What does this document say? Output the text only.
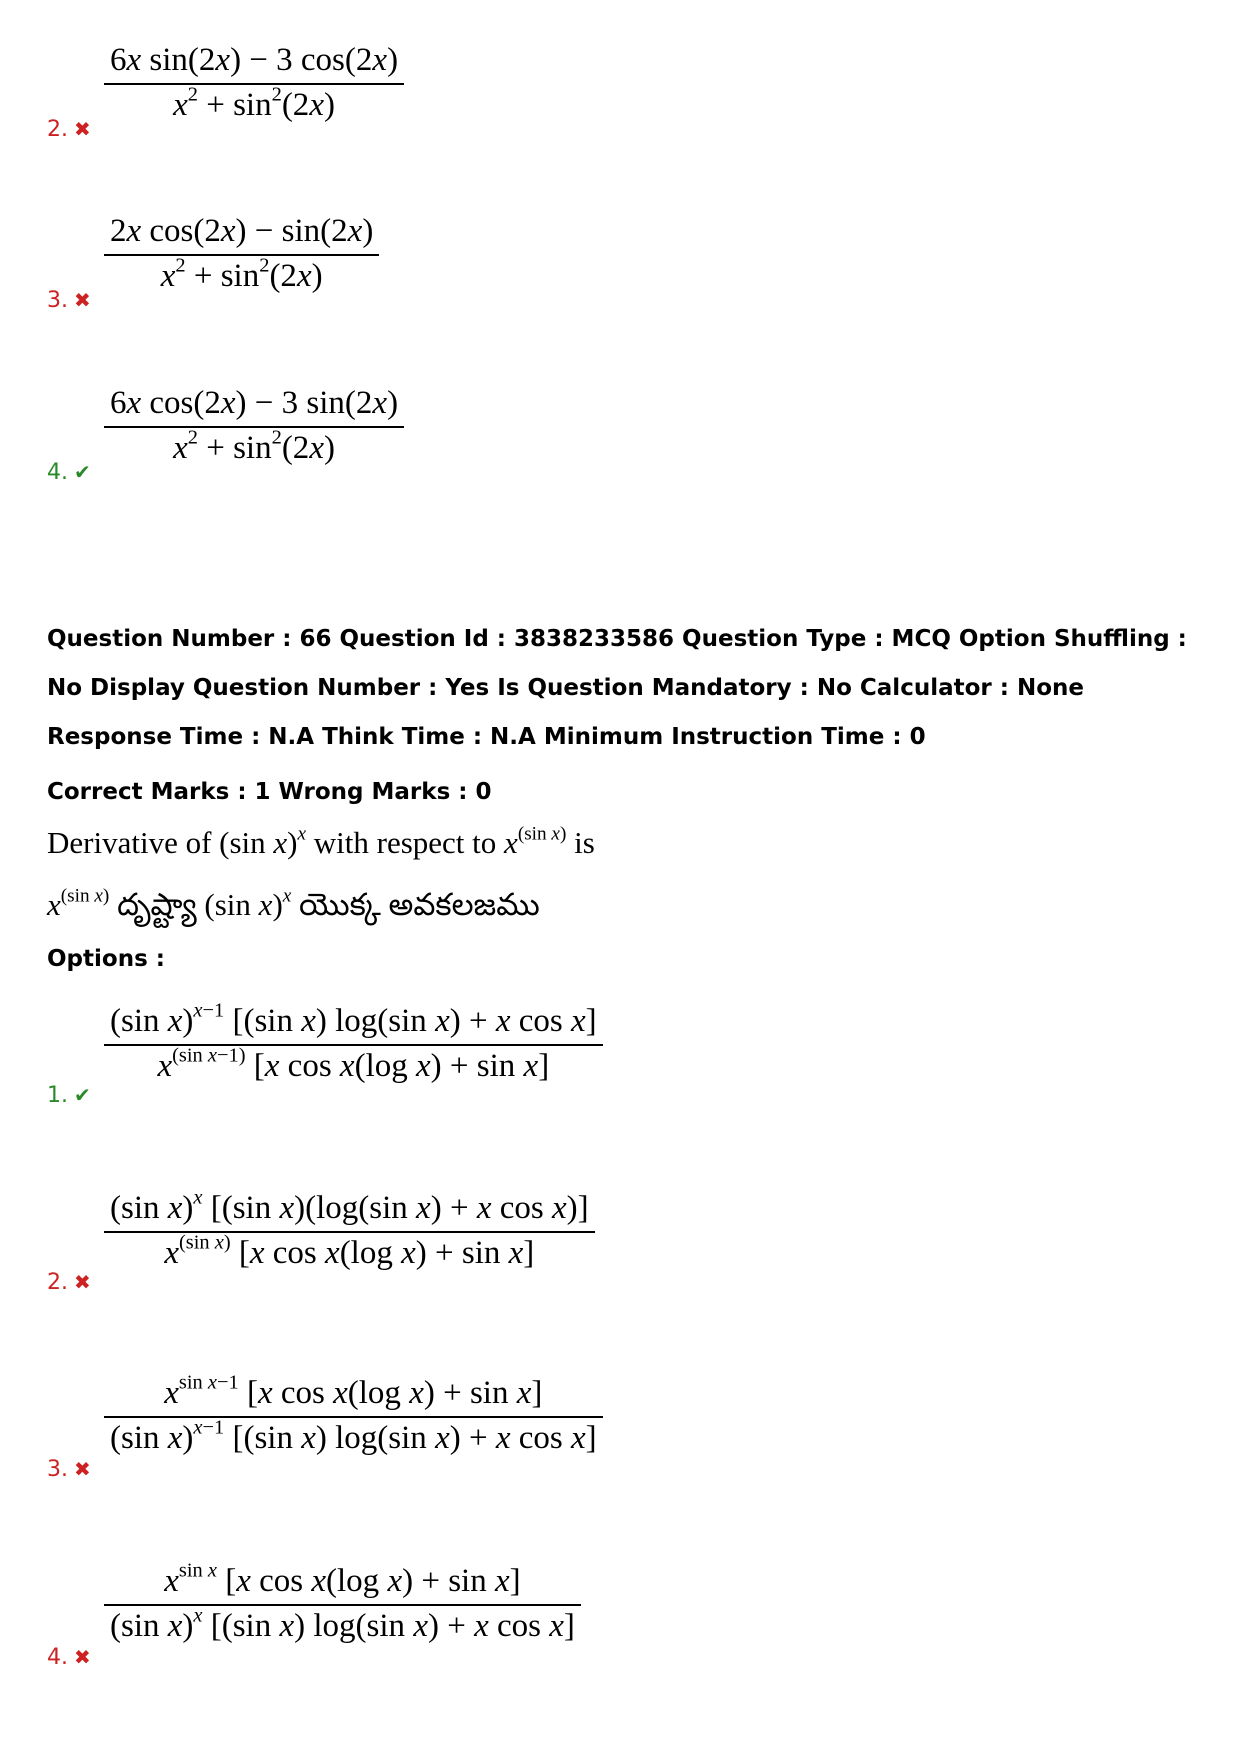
2. ✖
$\frac{\text{6x sin(2x) − 3 cos(2x)}}{x^2 + \sin^2(2x)}$
3. ✖
$\frac{\text{2x cos(2x) − sin(2x)}}{x^2 + \sin^2(2x)}$
4. ✔
$\frac{\text{6x cos(2x) − 3 sin(2x)}}{x^2 + \sin^2(2x)}$
Question Number : 66 Question Id : 3838233586 Question Type : MCQ Option Shuffling : No Display Question Number : Yes Is Question Mandatory : No Calculator : None Response Time : N.A Think Time : N.A Minimum Instruction Time : 0
Correct Marks : 1 Wrong Marks : 0
Derivative of (sin x)$^x$ with respect to $x^{(sin x)}$ is
$x^{(sin x)}$ దృష్ట్యా (sin x)$^x$ యొక్క అవకలజము
Options :
1. ✔
$\frac{(\sin x)^{x-1} [(\sin x) \log(\sin x) + x \cos x]}{x^{(sin x-1)} [x \cos x(\log x) + \sin x]}$
2. ✖
$\frac{(\sin x)^x [(\sin x)(\log(\sin x) + x \cos x)]}{x^{(sin x)} [x \cos x(\log x) + \sin x]}$
3. ✖
$\frac{x^{sin x-1} [x \cos x(\log x) + \sin x]}{(\sin x)^{x-1} [(\sin x) \log(\sin x) + x \cos x]}$
4. ✖
$\frac{x^{sin x} [x \cos x(\log x) + \sin x]}{(\sin x)^x [(\sin x) \log(\sin x) + x \cos x]}$
